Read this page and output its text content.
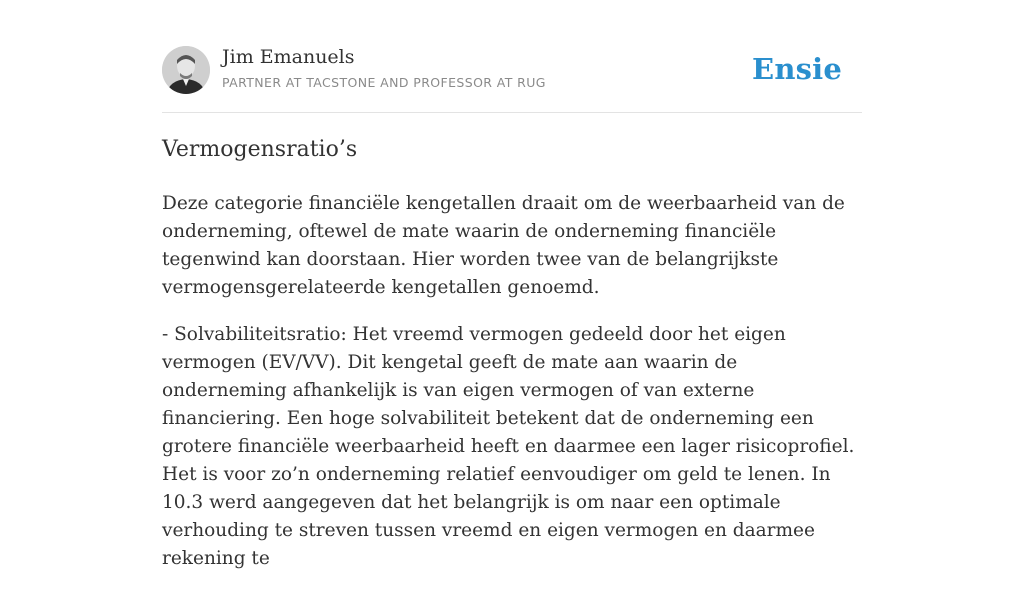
Jim Emanuels
PARTNER AT TACSTONE AND PROFESSOR AT RUG	Ensie
Vermogensratio’s

Deze categorie financiële kengetallen draait om de weerbaarheid van de onderneming, oftewel de mate waarin de onderneming financiële tegenwind kan doorstaan. Hier worden twee van de belangrijkste vermogensgerelateerde kengetallen genoemd.

- Solvabiliteitsratio: Het vreemd vermogen gedeeld door het eigen vermogen (EV/VV). Dit kengetal geeft de mate aan waarin de onderneming afhankelijk is van eigen vermogen of van externe financiering. Een hoge solvabiliteit betekent dat de onderneming een grotere financiële weerbaarheid heeft en daarmee een lager risicoprofiel. Het is voor zo’n onderneming relatief eenvoudiger om geld te lenen. In 10.3 werd aangegeven dat het belangrijk is om naar een optimale verhouding te streven tussen vreemd en eigen vermogen en daarmee rekening te
